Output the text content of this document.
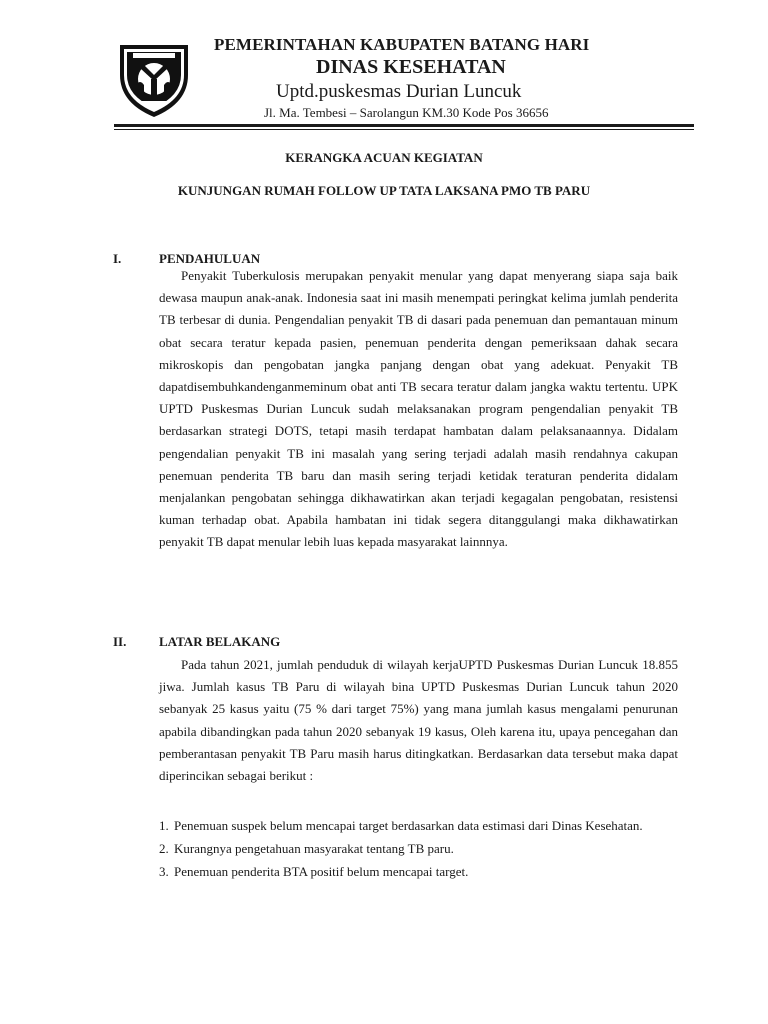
PEMERINTAHAN KABUPATEN BATANG HARI
DINAS KESEHATAN
Uptd.puskesmas Durian Luncuk
Jl. Ma. Tembesi – Sarolangun KM.30 Kode Pos 36656
KERANGKA ACUAN KEGIATAN
KUNJUNGAN RUMAH FOLLOW UP TATA LAKSANA PMO TB PARU
I.	PENDAHULUAN

Penyakit Tuberkulosis merupakan penyakit menular yang dapat menyerang siapa saja baik dewasa maupun anak-anak. Indonesia saat ini masih menempati peringkat kelima jumlah penderita TB terbesar di dunia. Pengendalian penyakit TB di dasari pada penemuan dan pemantauan minum obat secara teratur kepada pasien, penemuan penderita dengan pemeriksaan dahak secara mikroskopis dan pengobatan jangka panjang dengan obat yang adekuat. Penyakit TB dapatdisembuhkandenganmeminum obat anti TB secara teratur dalam jangka waktu tertentu. UPK UPTD Puskesmas Durian Luncuk sudah melaksanakan program pengendalian penyakit TB berdasarkan strategi DOTS, tetapi masih terdapat hambatan dalam pelaksanaannya. Didalam pengendalian penyakit TB ini masalah yang sering terjadi adalah masih rendahnya cakupan penemuan penderita TB baru dan masih sering terjadi ketidak teraturan penderita didalam menjalankan pengobatan sehingga dikhawatirkan akan terjadi kegagalan pengobatan, resistensi kuman terhadap obat. Apabila hambatan ini tidak segera ditanggulangi maka dikhawatirkan penyakit TB dapat menular lebih luas kepada masyarakat lainnnya.

II.	LATAR BELAKANG

Pada tahun 2021, jumlah penduduk di wilayah kerjaUPTD Puskesmas Durian Luncuk 18.855 jiwa. Jumlah kasus TB Paru di wilayah bina UPTD Puskesmas Durian Luncuk tahun 2020 sebanyak 25 kasus yaitu (75 % dari target 75%) yang mana jumlah kasus mengalami penurunan apabila dibandingkan pada tahun 2020 sebanyak 19 kasus, Oleh karena itu, upaya pencegahan dan pemberantasan penyakit TB Paru masih harus ditingkatkan. Berdasarkan data tersebut maka dapat diperincikan sebagai berikut :

1. Penemuan suspek belum mencapai target berdasarkan data estimasi dari Dinas Kesehatan.
2. Kurangnya pengetahuan masyarakat tentang TB paru.
3. Penemuan penderita BTA positif belum mencapai target.
